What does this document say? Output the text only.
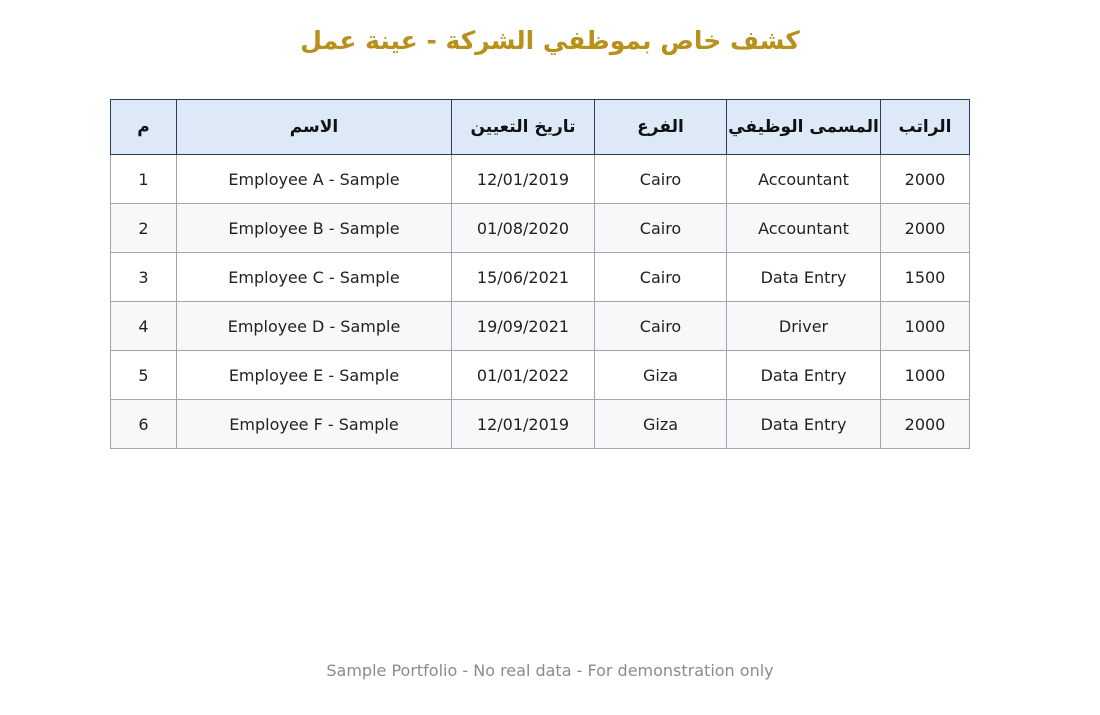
كشف خاص بموظفي الشركة - عينة عمل
م	الاسم	تاريخ التعيين	الفرع	المسمى الوظيفي	الراتب
1	Employee A - Sample	12/01/2019	Cairo	Accountant	2000
2	Employee B - Sample	01/08/2020	Cairo	Accountant	2000
3	Employee C - Sample	15/06/2021	Cairo	Data Entry	1500
4	Employee D - Sample	19/09/2021	Cairo	Driver	1000
5	Employee E - Sample	01/01/2022	Giza	Data Entry	1000
6	Employee F - Sample	12/01/2019	Giza	Data Entry	2000
Sample Portfolio - No real data - For demonstration only
